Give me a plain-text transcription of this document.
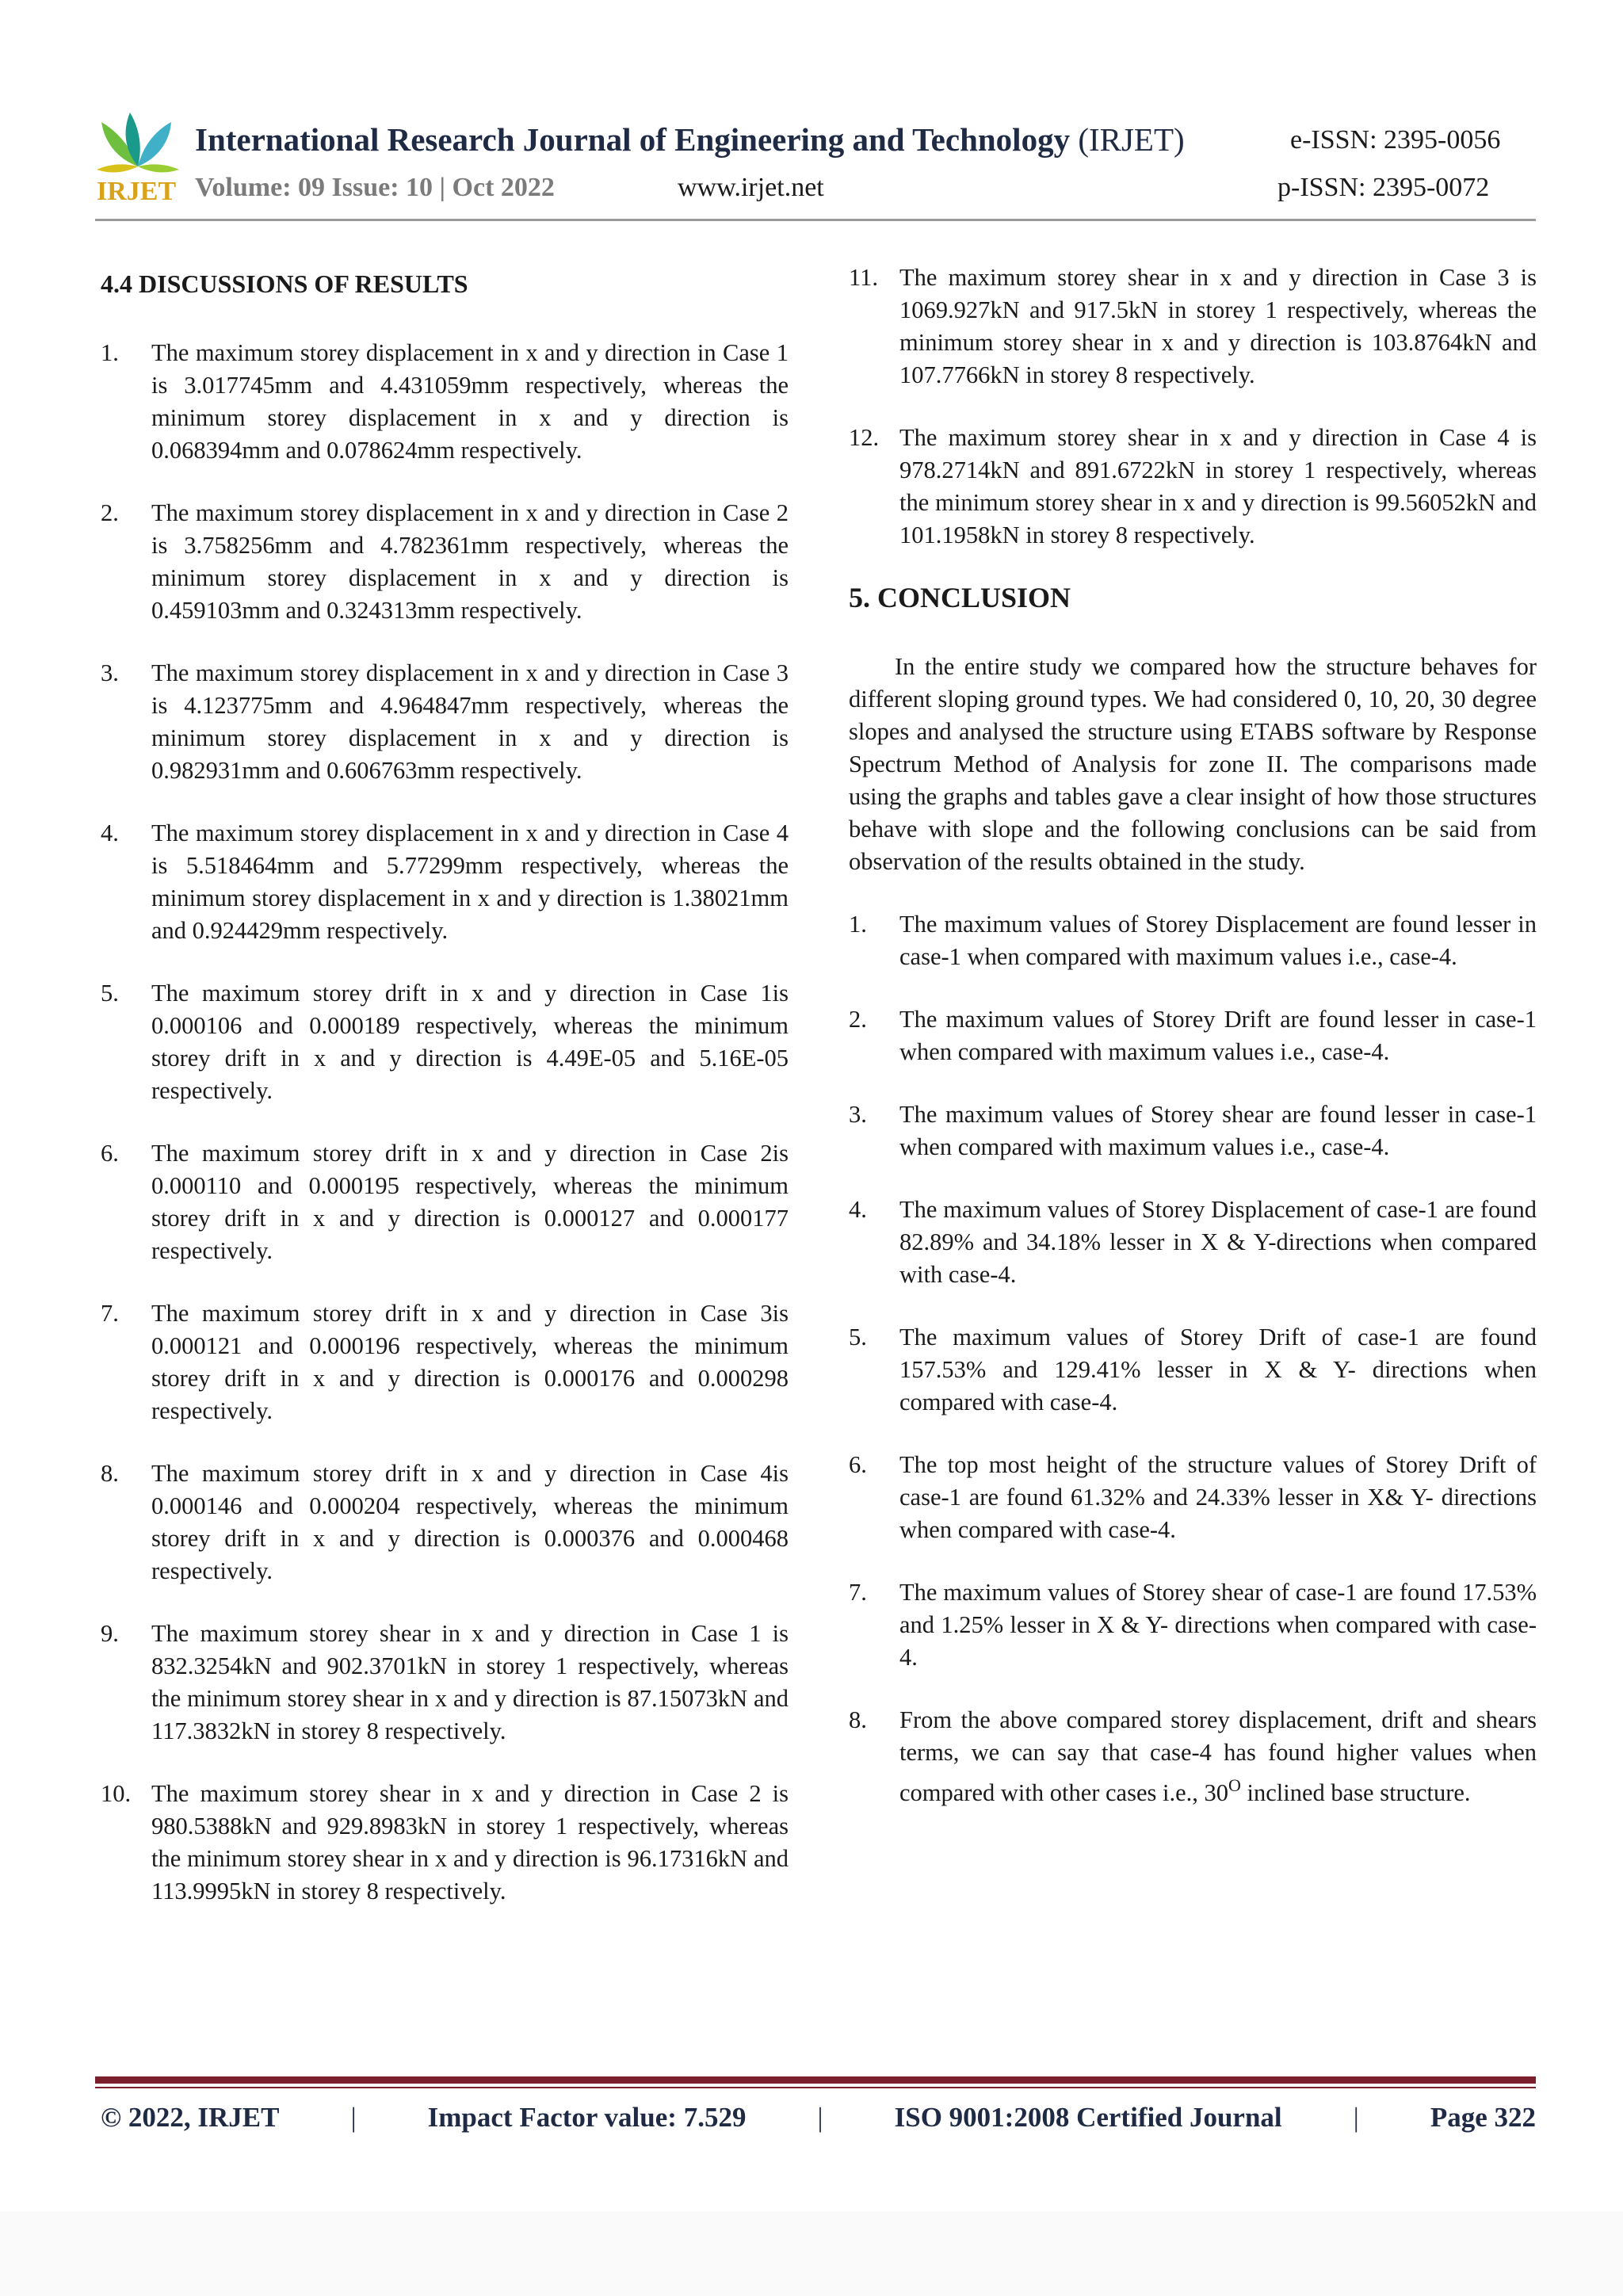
IRJET
International Research Journal of Engineering and Technology (IRJET)	e-ISSN: 2395-0056
Volume: 09 Issue: 10 | Oct 2022	www.irjet.net	p-ISSN: 2395-0072
4.4 DISCUSSIONS OF RESULTS
1. The maximum storey displacement in x and y direction in Case 1 is 3.017745mm and 4.431059mm respectively, whereas the minimum storey displacement in x and y direction is 0.068394mm and 0.078624mm respectively.
2. The maximum storey displacement in x and y direction in Case 2 is 3.758256mm and 4.782361mm respectively, whereas the minimum storey displacement in x and y direction is 0.459103mm and 0.324313mm respectively.
3. The maximum storey displacement in x and y direction in Case 3 is 4.123775mm and 4.964847mm respectively, whereas the minimum storey displacement in x and y direction is 0.982931mm and 0.606763mm respectively.
4. The maximum storey displacement in x and y direction in Case 4 is 5.518464mm and 5.77299mm respectively, whereas the minimum storey displacement in x and y direction is 1.38021mm and 0.924429mm respectively.
5. The maximum storey drift in x and y direction in Case 1is 0.000106 and 0.000189 respectively, whereas the minimum storey drift in x and y direction is 4.49E-05 and 5.16E-05 respectively.
6. The maximum storey drift in x and y direction in Case 2is 0.000110 and 0.000195 respectively, whereas the minimum storey drift in x and y direction is 0.000127 and 0.000177 respectively.
7. The maximum storey drift in x and y direction in Case 3is 0.000121 and 0.000196 respectively, whereas the minimum storey drift in x and y direction is 0.000176 and 0.000298 respectively.
8. The maximum storey drift in x and y direction in Case 4is 0.000146 and 0.000204 respectively, whereas the minimum storey drift in x and y direction is 0.000376 and 0.000468 respectively.
9. The maximum storey shear in x and y direction in Case 1 is 832.3254kN and 902.3701kN in storey 1 respectively, whereas the minimum storey shear in x and y direction is 87.15073kN and 117.3832kN in storey 8 respectively.
10. The maximum storey shear in x and y direction in Case 2 is 980.5388kN and 929.8983kN in storey 1 respectively, whereas the minimum storey shear in x and y direction is 96.17316kN and 113.9995kN in storey 8 respectively.
11. The maximum storey shear in x and y direction in Case 3 is 1069.927kN and 917.5kN in storey 1 respectively, whereas the minimum storey shear in x and y direction is 103.8764kN and 107.7766kN in storey 8 respectively.
12. The maximum storey shear in x and y direction in Case 4 is 978.2714kN and 891.6722kN in storey 1 respectively, whereas the minimum storey shear in x and y direction is 99.56052kN and 101.1958kN in storey 8 respectively.
5. CONCLUSION

In the entire study we compared how the structure behaves for different sloping ground types. We had considered 0, 10, 20, 30 degree slopes and analysed the structure using ETABS software by Response Spectrum Method of Analysis for zone II. The comparisons made using the graphs and tables gave a clear insight of how those structures behave with slope and the following conclusions can be said from observation of the results obtained in the study.

1. The maximum values of Storey Displacement are found lesser in case-1 when compared with maximum values i.e., case-4.
2. The maximum values of Storey Drift are found lesser in case-1 when compared with maximum values i.e., case-4.
3. The maximum values of Storey shear are found lesser in case-1 when compared with maximum values i.e., case-4.
4. The maximum values of Storey Displacement of case-1 are found 82.89% and 34.18% lesser in X & Y-directions when compared with case-4.
5. The maximum values of Storey Drift of case-1 are found 157.53% and 129.41% lesser in X & Y- directions when compared with case-4.
6. The top most height of the structure values of Storey Drift of case-1 are found 61.32% and 24.33% lesser in X& Y- directions when compared with case-4.
7. The maximum values of Storey shear of case-1 are found 17.53% and 1.25% lesser in X & Y- directions when compared with case-4.
8. From the above compared storey displacement, drift and shears terms, we can say that case-4 has found higher values when compared with other cases i.e., $30^O$ inclined base structure.
© 2022, IRJET	|	Impact Factor value: 7.529	|	ISO 9001:2008 Certified Journal	|	Page 322
